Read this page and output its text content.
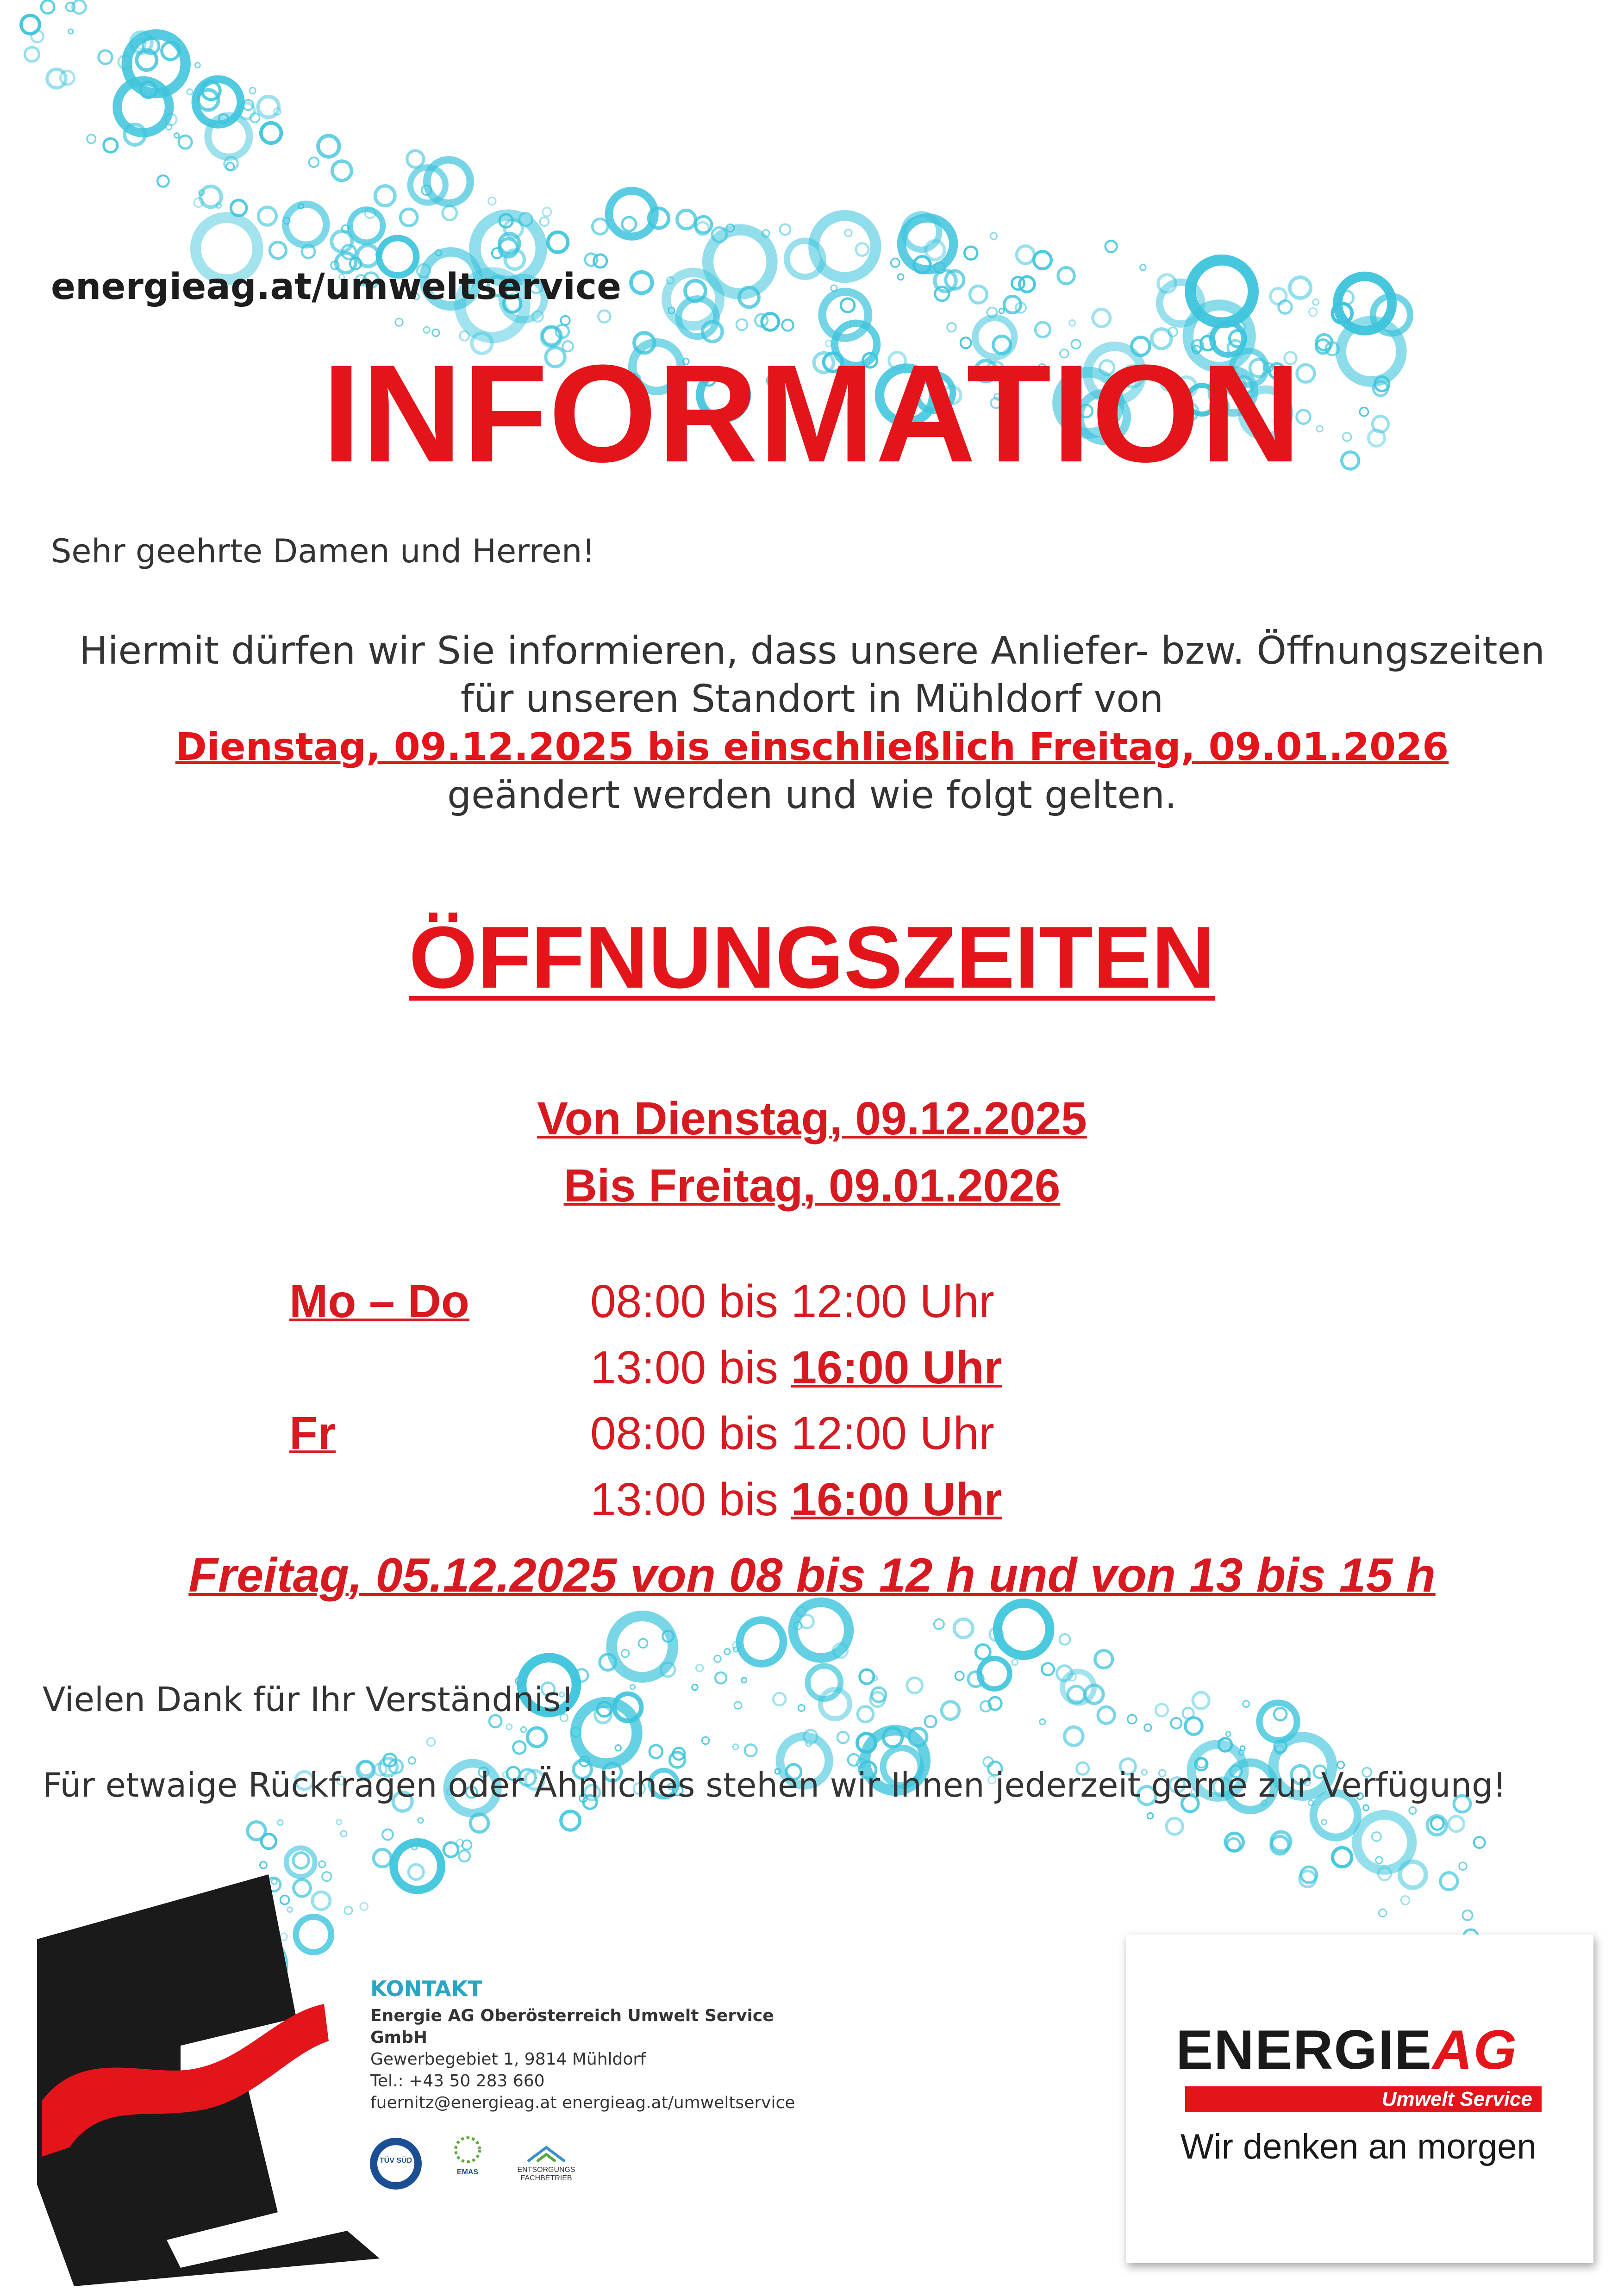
energieag.at/umweltservice
INFORMATION
Sehr geehrte Damen und Herren!
Hiermit dürfen wir Sie informieren, dass unsere Anliefer- bzw. Öffnungszeiten
für unseren Standort in Mühldorf von
Dienstag, 09.12.2025 bis einschließlich Freitag, 09.01.2026
geändert werden und wie folgt gelten.
ÖFFNUNGSZEITEN
Von Dienstag, 09.12.2025
Bis Freitag, 09.01.2026
Mo – Do	08:00 bis 12:00 Uhr
13:00 bis 16:00 Uhr
Fr	08:00 bis 12:00 Uhr
13:00 bis 16:00 Uhr
Freitag, 05.12.2025 von 08 bis 12 h und von 13 bis 15 h
Vielen Dank für Ihr Verständnis!
Für etwaige Rückfragen oder Ähnliches stehen wir Ihnen jederzeit gerne zur Verfügung!
KONTAKT
Energie AG Oberösterreich Umwelt Service
GmbH
Gewerbegebiet 1, 9814 Mühldorf
Tel.: +43 50 283 660
fuernitz@energieag.at energieag.at/umweltservice
TÜV SÜD
EMAS	ENTSORGUNGS FACHBETRIEB
ENERGIEAG
Umwelt Service
Wir denken an morgen
